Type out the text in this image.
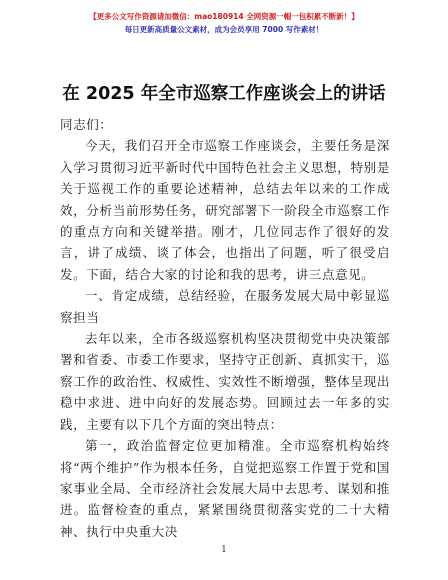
【更多公文写作资源请加微信：mao180914 全网资源一帽一包积累不断新！】
每日更新高质量公文素材，成为会员享用 7000 写作素材！
在 2025 年全市巡察工作座谈会上的讲话

同志们：

今天，我们召开全市巡察工作座谈会，主要任务是深入学习贯彻习近平新时代中国特色社会主义思想，特别是关于巡视工作的重要论述精神，总结去年以来的工作成效，分析当前形势任务，研究部署下一阶段全市巡察工作的重点方向和关键举措。刚才，几位同志作了很好的发言，讲了成绩、谈了体会，也指出了问题，听了很受启发。下面，结合大家的讨论和我的思考，讲三点意见。

一、肯定成绩，总结经验，在服务发展大局中彰显巡察担当

去年以来，全市各级巡察机构坚决贯彻党中央决策部署和省委、市委工作要求，坚持守正创新、真抓实干，巡察工作的政治性、权威性、实效性不断增强，整体呈现出稳中求进、进中向好的发展态势。回顾过去一年多的实践，主要有以下几个方面的突出特点：

第一，政治监督定位更加精准。全市巡察机构始终将“两个维护”作为根本任务，自觉把巡察工作置于党和国家事业全局、全市经济社会发展大局中去思考、谋划和推进。监督检查的重点，紧紧围绕贯彻落实党的二十大精神、执行中央重大决

1
